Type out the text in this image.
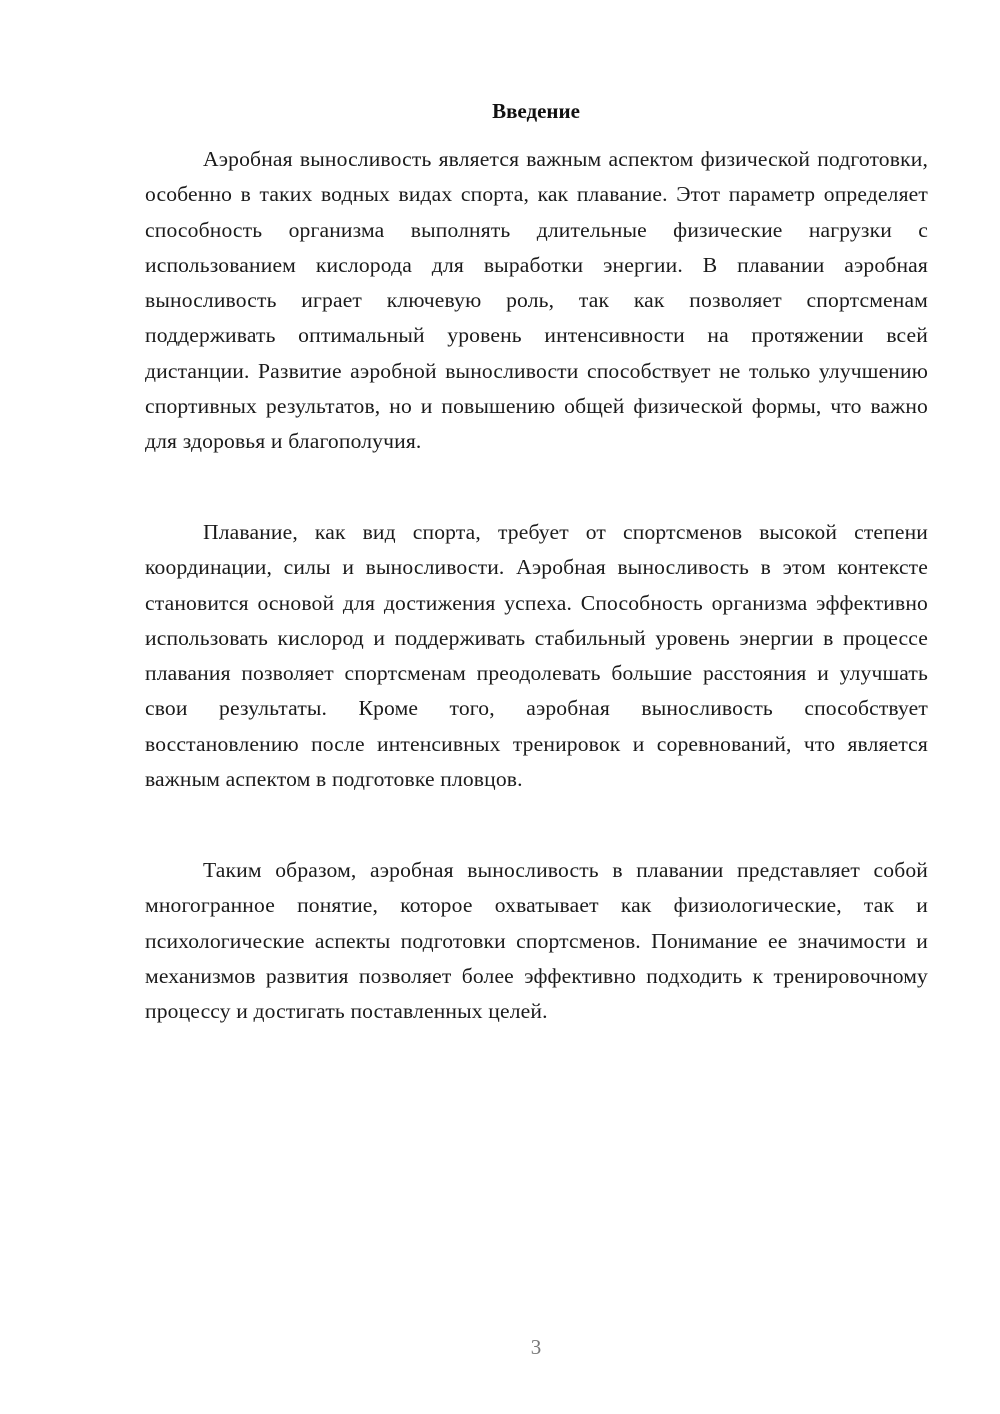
Введение

Аэробная выносливость является важным аспектом физической подготовки, особенно в таких водных видах спорта, как плавание. Этот параметр определяет способность организма выполнять длительные физические нагрузки с использованием кислорода для выработки энергии. В плавании аэробная выносливость играет ключевую роль, так как позволяет спортсменам поддерживать оптимальный уровень интенсивности на протяжении всей дистанции. Развитие аэробной выносливости способствует не только улучшению спортивных результатов, но и повышению общей физической формы, что важно для здоровья и благополучия.

Плавание, как вид спорта, требует от спортсменов высокой степени координации, силы и выносливости. Аэробная выносливость в этом контексте становится основой для достижения успеха. Способность организма эффективно использовать кислород и поддерживать стабильный уровень энергии в процессе плавания позволяет спортсменам преодолевать большие расстояния и улучшать свои результаты. Кроме того, аэробная выносливость способствует восстановлению после интенсивных тренировок и соревнований, что является важным аспектом в подготовке пловцов.

Таким образом, аэробная выносливость в плавании представляет собой многогранное понятие, которое охватывает как физиологические, так и психологические аспекты подготовки спортсменов. Понимание ее значимости и механизмов развития позволяет более эффективно подходить к тренировочному процессу и достигать поставленных целей.

3
